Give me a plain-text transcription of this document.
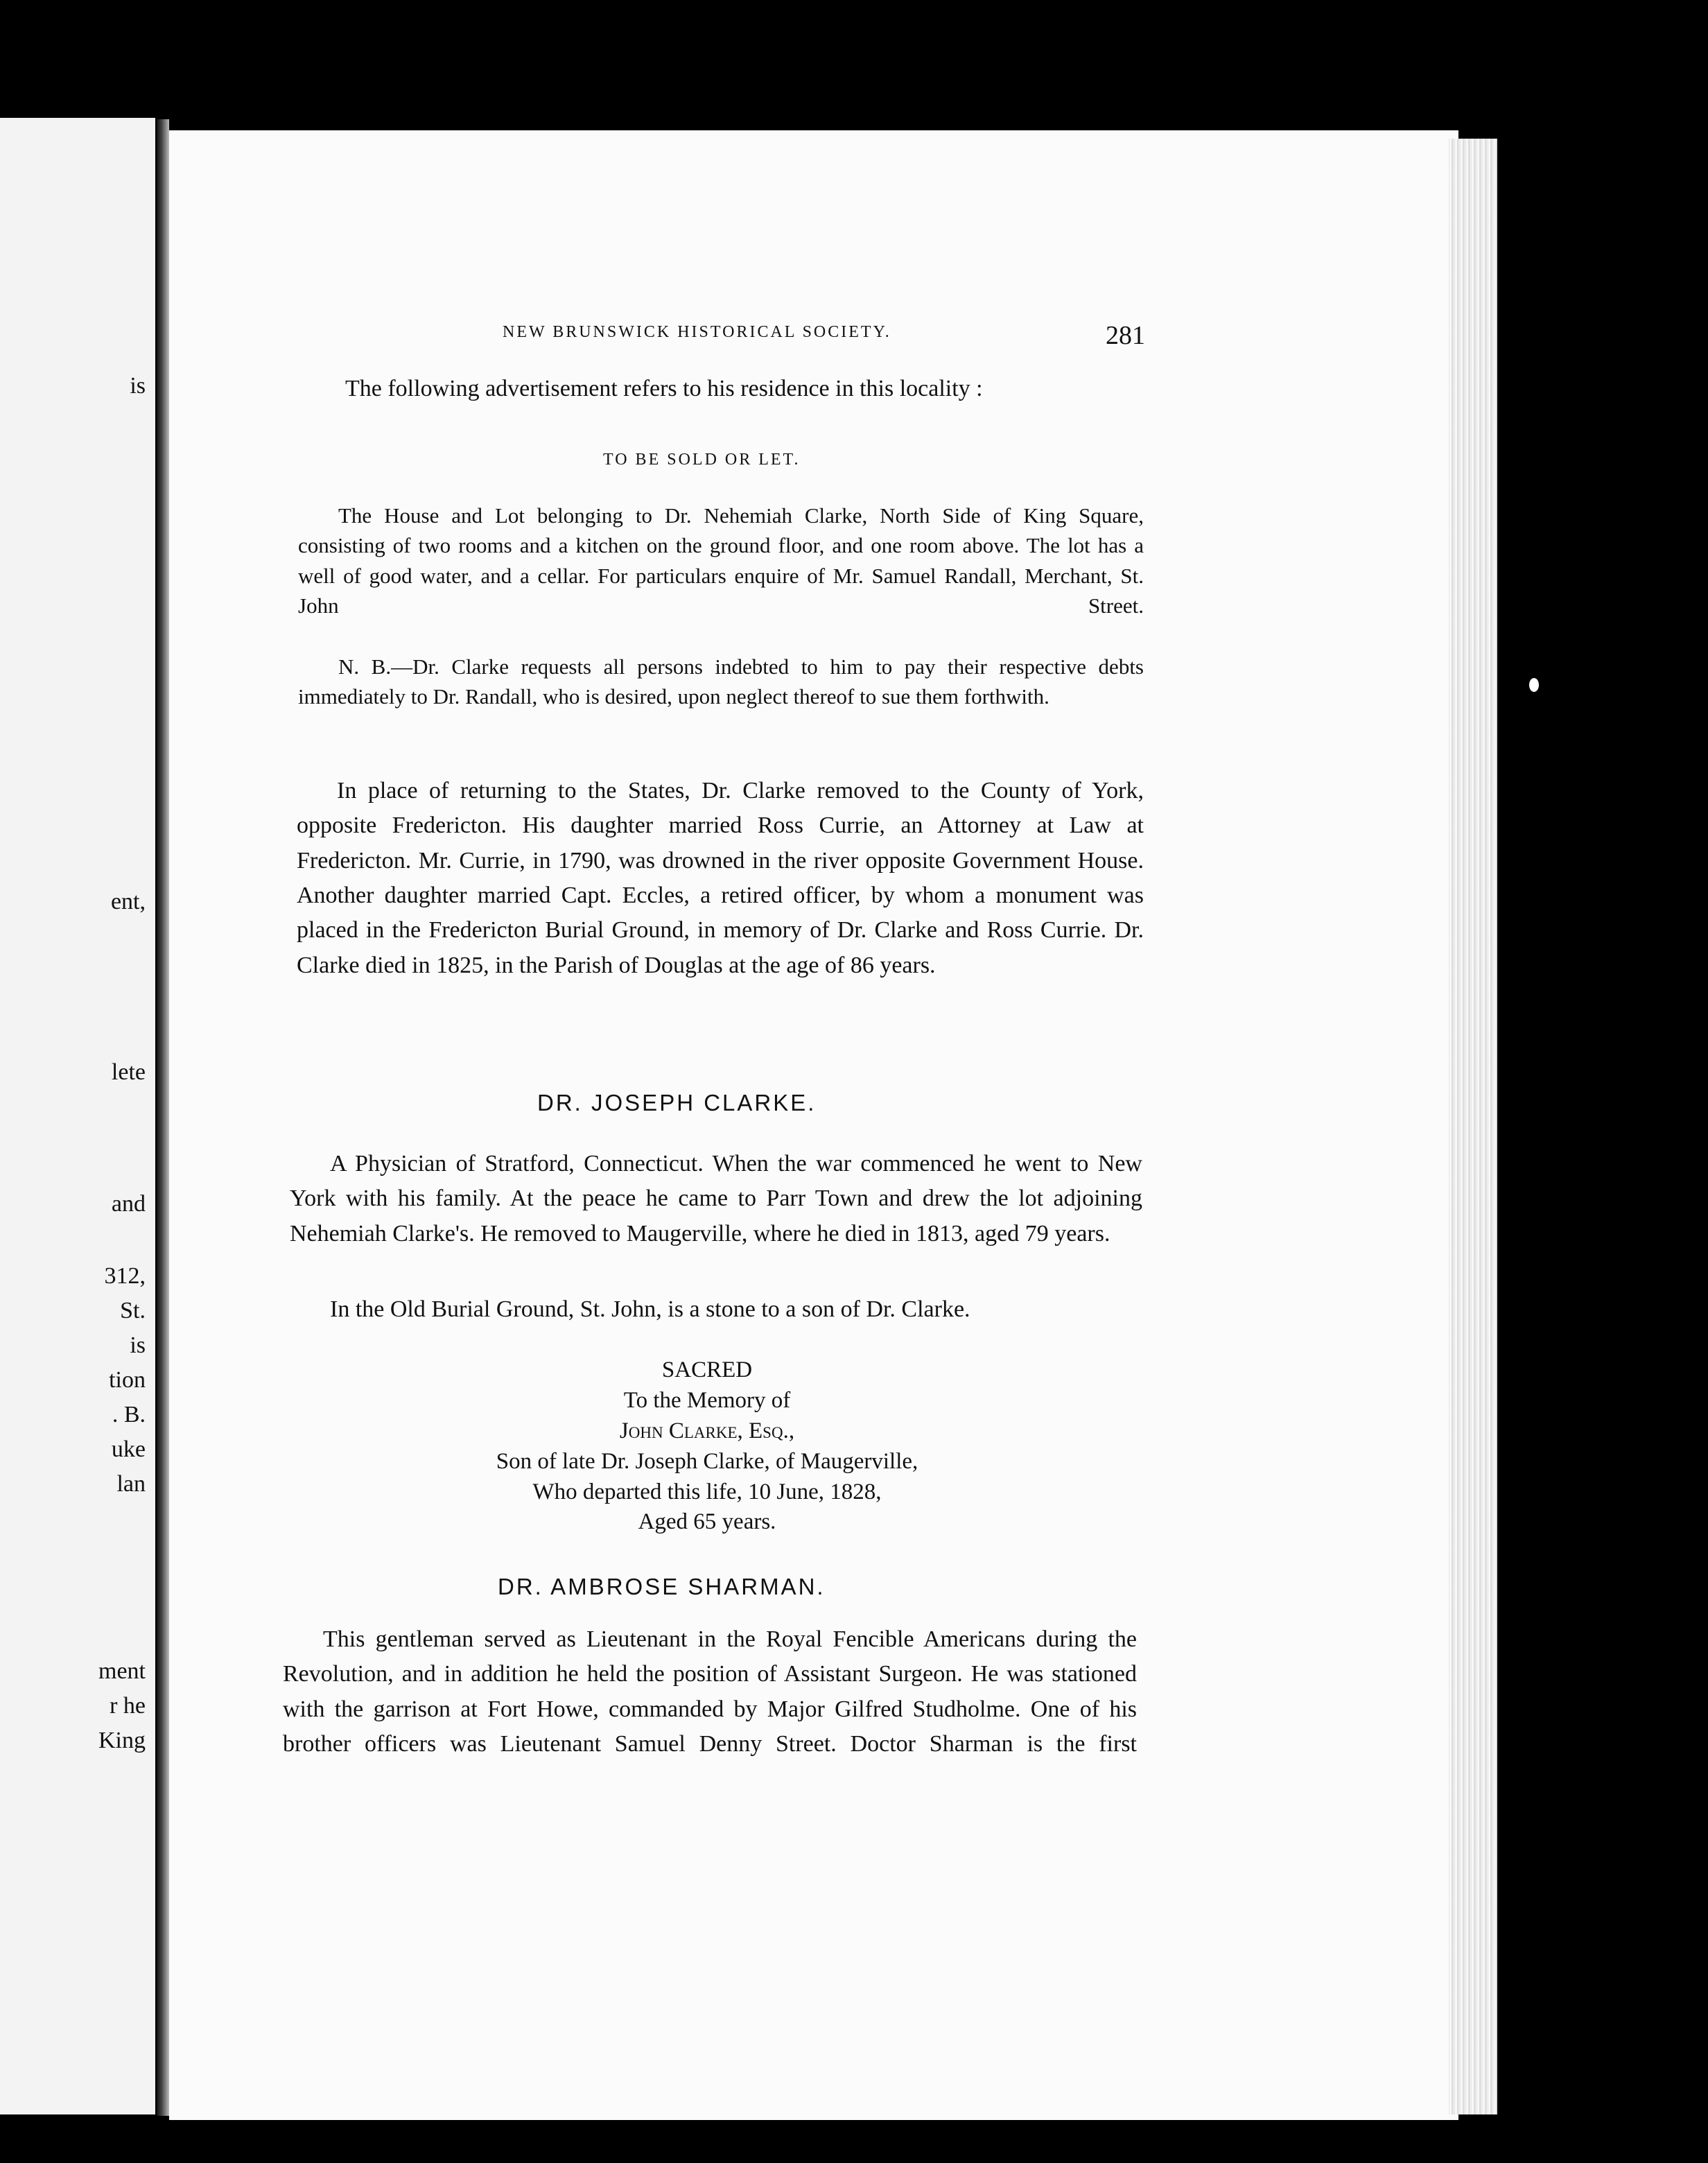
is
ent,
lete
and
312,
St.
is
tion
. B.
uke
lan
ment
r he
King
NEW BRUNSWICK HISTORICAL SOCIETY.	281

The following advertisement refers to his residence in this locality :

TO BE SOLD OR LET.

The House and Lot belonging to Dr. Nehemiah Clarke, North Side of King Square, consisting of two rooms and a kitchen on the ground floor, and one room above. The lot has a well of good water, and a cellar. For particulars enquire of Mr. Samuel Randall, Merchant, St. John Street.

N. B.—Dr. Clarke requests all persons indebted to him to pay their respective debts immediately to Dr. Randall, who is desired, upon neglect thereof to sue them forthwith.

In place of returning to the States, Dr. Clarke removed to the County of York, opposite Fredericton. His daughter married Ross Currie, an Attorney at Law at Fredericton. Mr. Currie, in 1790, was drowned in the river opposite Government House. Another daughter married Capt. Eccles, a retired officer, by whom a monument was placed in the Fredericton Burial Ground, in memory of Dr. Clarke and Ross Currie. Dr. Clarke died in 1825, in the Parish of Douglas at the age of 86 years.

DR. JOSEPH CLARKE.

A Physician of Stratford, Connecticut. When the war commenced he went to New York with his family. At the peace he came to Parr Town and drew the lot adjoining Nehemiah Clarke's. He removed to Maugerville, where he died in 1813, aged 79 years.

In the Old Burial Ground, St. John, is a stone to a son of Dr. Clarke.

SACRED
To the Memory of
John Clarke, Esq.,
Son of late Dr. Joseph Clarke, of Maugerville,
Who departed this life, 10 June, 1828,
Aged 65 years.
DR. AMBROSE SHARMAN.

This gentleman served as Lieutenant in the Royal Fencible Americans during the Revolution, and in addition he held the position of Assistant Surgeon. He was stationed with the garrison at Fort Howe, commanded by Major Gilfred Studholme. One of his brother officers was Lieutenant Samuel Denny Street. Doctor Sharman is the first
